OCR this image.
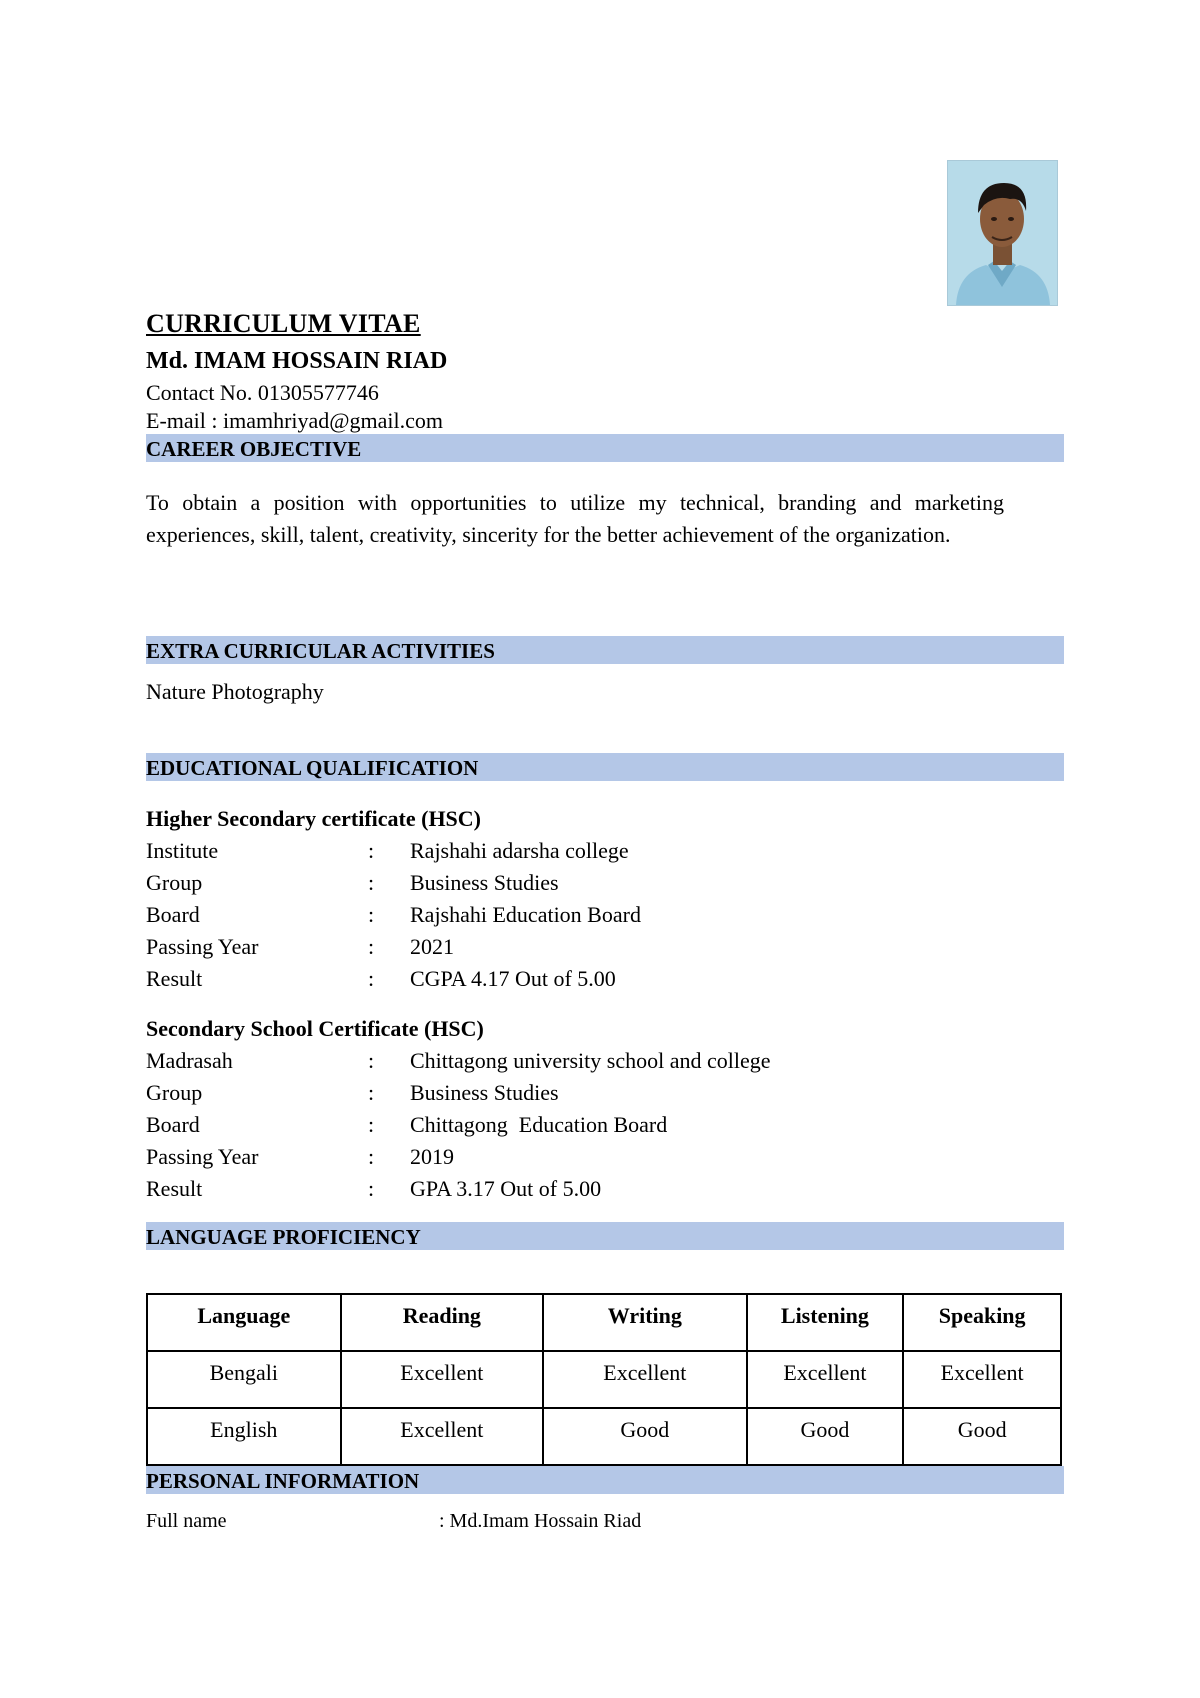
CURRICULUM VITAE
Md. IMAM HOSSAIN RIAD
Contact No. 01305577746
E-mail : imamhriyad@gmail.com
CAREER OBJECTIVE
To obtain a position with opportunities to utilize my technical, branding and marketing experiences, skill, talent, creativity, sincerity for the better achievement of the organization.
EXTRA CURRICULAR ACTIVITIES
Nature Photography
EDUCATIONAL QUALIFICATION
Higher Secondary certificate (HSC)
Institute	: Rajshahi adarsha college
Group	: Business Studies
Board	: Rajshahi Education Board
Passing Year	: 2021
Result	: CGPA 4.17 Out of 5.00
Secondary School Certificate (HSC)
Madrasah	: Chittagong university school and college
Group	: Business Studies
Board	: Chittagong  Education Board
Passing Year	: 2019
Result	: GPA 3.17 Out of 5.00
LANGUAGE PROFICIENCY
Language	Reading	Writing	Listening	Speaking
Bengali	Excellent	Excellent	Excellent	Excellent
English	Excellent	Good	Good	Good
PERSONAL INFORMATION
Full name	: Md.Imam Hossain Riad
